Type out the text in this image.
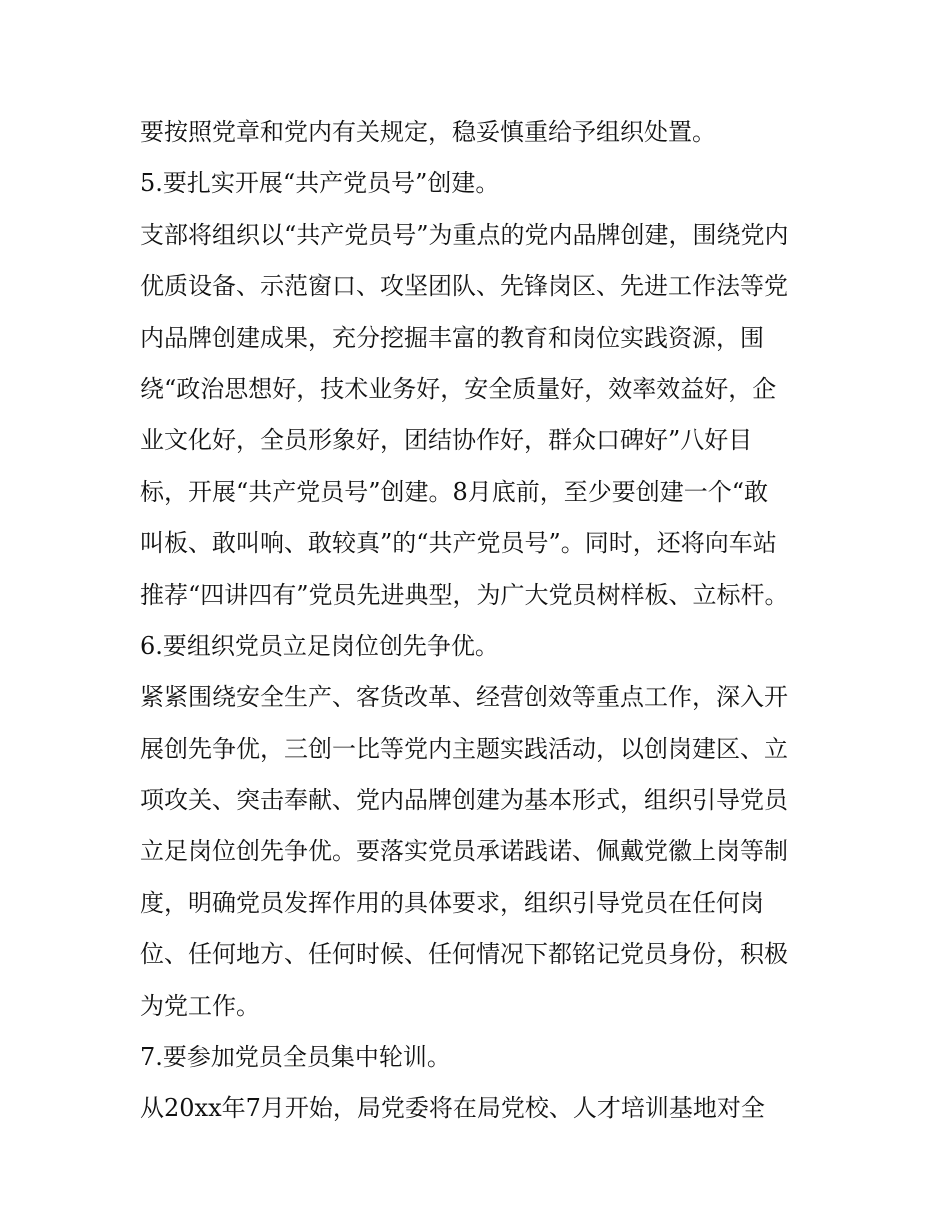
要按照党章和党内有关规定，稳妥慎重给予组织处置。
5.要扎实开展“共产党员号”创建。
支部将组织以“共产党员号”为重点的党内品牌创建，围绕党内
优质设备、示范窗口、攻坚团队、先锋岗区、先进工作法等党
内品牌创建成果，充分挖掘丰富的教育和岗位实践资源，围
绕“政治思想好，技术业务好，安全质量好，效率效益好，企
业文化好，全员形象好，团结协作好，群众口碑好”八好目
标，开展“共产党员号”创建。8月底前，至少要创建一个“敢
叫板、敢叫响、敢较真”的“共产党员号”。同时，还将向车站
推荐“四讲四有”党员先进典型，为广大党员树样板、立标杆。
6.要组织党员立足岗位创先争优。
紧紧围绕安全生产、客货改革、经营创效等重点工作，深入开
展创先争优，三创一比等党内主题实践活动，以创岗建区、立
项攻关、突击奉献、党内品牌创建为基本形式，组织引导党员
立足岗位创先争优。要落实党员承诺践诺、佩戴党徽上岗等制
度，明确党员发挥作用的具体要求，组织引导党员在任何岗
位、任何地方、任何时候、任何情况下都铭记党员身份，积极
为党工作。
7.要参加党员全员集中轮训。
从20xx年7月开始，局党委将在局党校、人才培训基地对全
